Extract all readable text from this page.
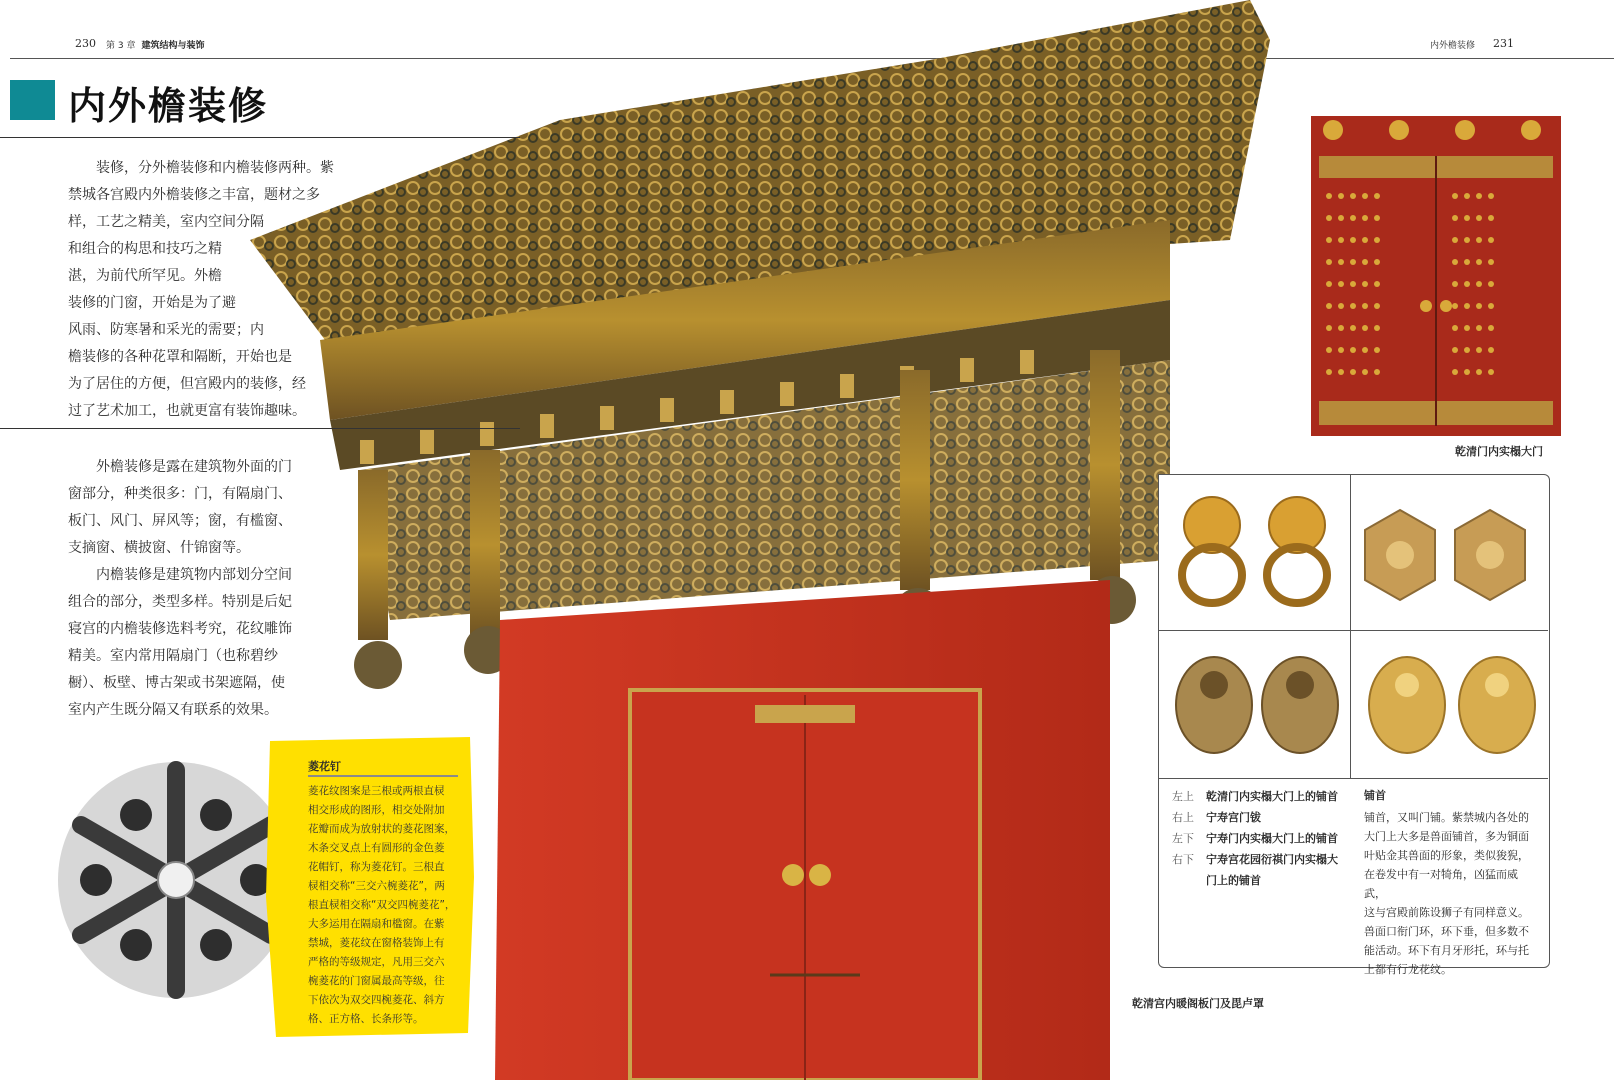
230 第 3 章 建筑结构与装饰	内外檐装修 231
内外檐装修

装修，分外檐装修和内檐装修两种。紫

禁城各宫殿内外檐装修之丰富，题材之多

样，工艺之精美，室内空间分隔

和组合的构思和技巧之精

湛，为前代所罕见。外檐

装修的门窗，开始是为了避

风雨、防寒暑和采光的需要；内

檐装修的各种花罩和隔断，开始也是

为了居住的方便，但宫殿内的装修，经

过了艺术加工，也就更富有装饰趣味。

外檐装修是露在建筑物外面的门

窗部分，种类很多：门，有隔扇门、

板门、风门、屏风等；窗，有槛窗、

支摘窗、横披窗、什锦窗等。

内檐装修是建筑物内部划分空间

组合的部分，类型多样。特别是后妃

寝宫的内檐装修选料考究，花纹雕饰

精美。室内常用隔扇门（也称碧纱

橱）、板壁、博古架或书架遮隔，使

室内产生既分隔又有联系的效果。

菱花钉
菱花纹图案是三根或两根直棂
相交形成的图形，相交处附加
花瓣而成为放射状的菱花图案，
木条交叉点上有圆形的金色菱
花帽钉，称为菱花钉。三根直
棂相交称“三交六椀菱花”，两
根直棂相交称“双交四椀菱花”，
大多运用在隔扇和槛窗。在紫
禁城，菱花纹在窗格装饰上有
严格的等级规定，凡用三交六
椀菱花的门窗属最高等级，往
下依次为双交四椀菱花、斜方
格、正方格、长条形等。
乾清门内实榻大门
左上	乾清门内实榻大门上的铺首
右上	宁寿宫门钹
左下	宁寿门内实榻大门上的铺首
右下	宁寿宫花园衍祺门内实榻大
门上的铺首
铺首
铺首，又叫门铺。紫禁城内各处的
大门上大多是兽面铺首，多为铜面
叶贴金其兽面的形象，类似狻猊，
在卷发中有一对犄角，凶猛而威武，
这与宫殿前陈设狮子有同样意义。
兽面口衔门环，环下垂，但多数不
能活动。环下有月牙形托，环与托
上都有行龙花纹。
乾清宫内暖阁板门及毘卢罩
